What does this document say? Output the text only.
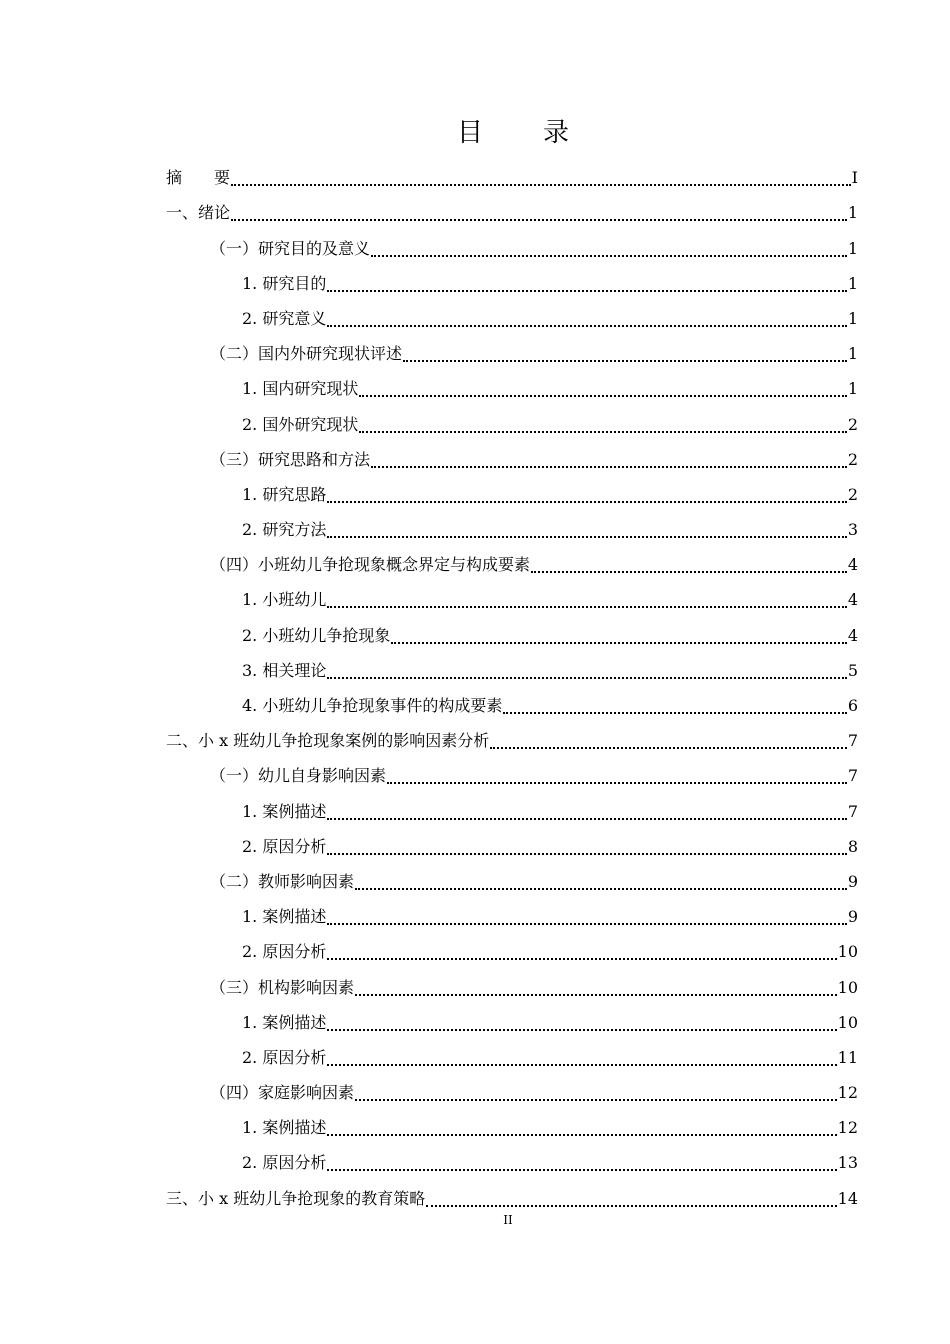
目 录
摘　　要	I
一、绪论	1
（一）研究目的及意义	1
1. 研究目的	1
2. 研究意义	1
（二）国内外研究现状评述	1
1. 国内研究现状	1
2. 国外研究现状	2
（三）研究思路和方法	2
1. 研究思路	2
2. 研究方法	3
（四）小班幼儿争抢现象概念界定与构成要素	4
1. 小班幼儿	4
2. 小班幼儿争抢现象	4
3. 相关理论	5
4. 小班幼儿争抢现象事件的构成要素	6
二、小 x 班幼儿争抢现象案例的影响因素分析	7
（一）幼儿自身影响因素	7
1. 案例描述	7
2. 原因分析	8
（二）教师影响因素	9
1. 案例描述	9
2. 原因分析	10
（三）机构影响因素	10
1. 案例描述	10
2. 原因分析	11
（四）家庭影响因素	12
1. 案例描述	12
2. 原因分析	13
三、小 x 班幼儿争抢现象的教育策略	14
II
